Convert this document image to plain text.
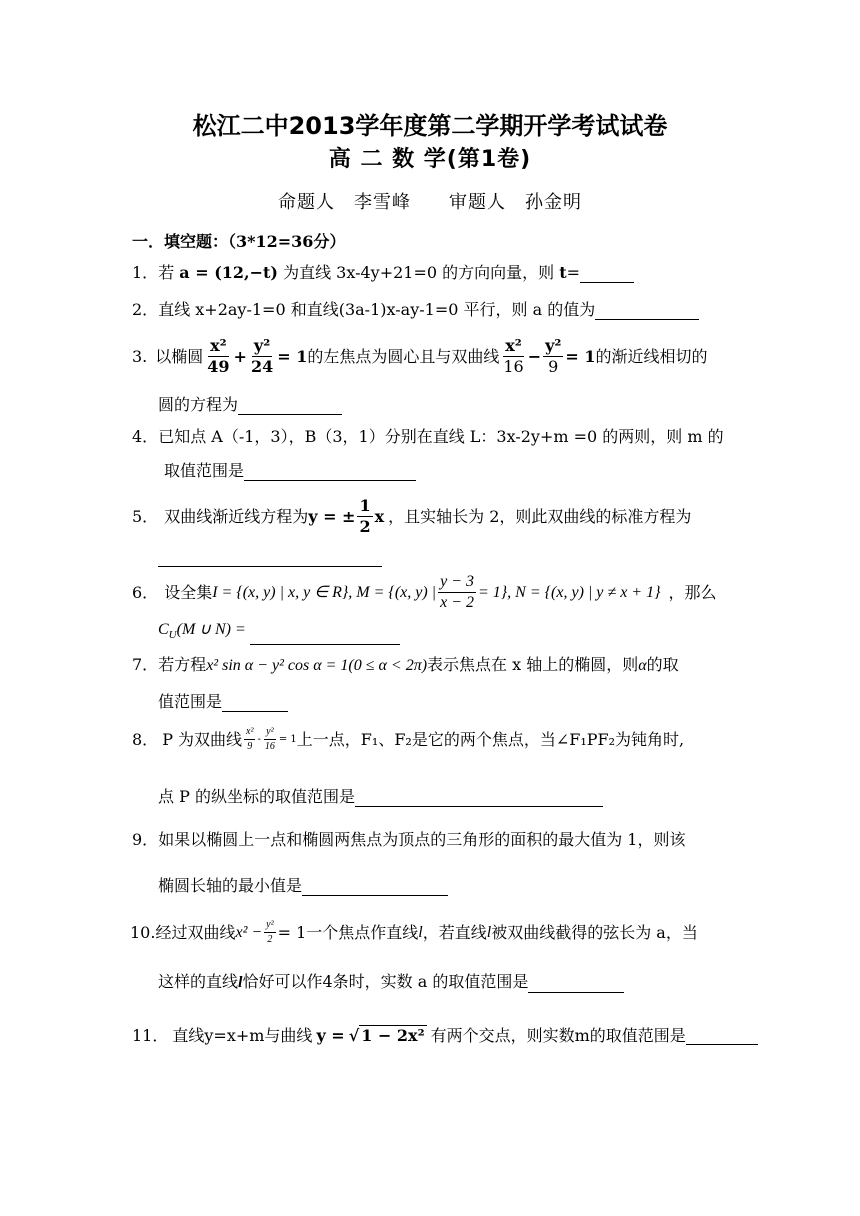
松江二中2013学年度第二学期开学考试试卷
高 二 数 学(第1卷)
命题人　李雪峰　　审题人　孙金明
一．填空题：（3*12=36分）
1．若 a = (12,−t) 为直线 3x-4y+21=0 的方向向量，则 t=
2．直线 x+2ay-1=0 和直线(3a-1)x-ay-1=0 平行，则 a 的值为
3. 以椭圆 $\frac{\text{x²}}{49} + \frac{\text{y²}}{24} = 1$ 的左焦点为圆心且与双曲线 $\frac{\text{x²}}{16} - \frac{\text{y²}}{9} = 1$ 的渐近线相切的
圆的方程为
4．已知点 A（-1，3），B（3，1）分别在直线 L：3x-2y+m =0 的两则，则 m 的
取值范围是
5． 双曲线渐近线方程为 y = ± $\frac{1}{2}$ x ，且实轴长为 2，则此双曲线的标准方程为
6． 设全集 I = {(x, y) | x, y ∈ R}, M = {(x, y) | $\frac{y - 3}{x - 2} = 1$}, N = {(x, y) | y ≠ x + 1} ，那么
$C_U(M$ ∪ N) =
7．若方程x² sin α − y² cos α = 1(0 ≤ α < 2π)表示焦点在 x 轴上的椭圆，则α的取
值范围是
8． P 为双曲线 $\frac{\text{x²}}{9} - \frac{\text{y²}}{16} = 1$ 上一点，F₁、F₂是它的两个焦点，当 ∠F₁PF₂ 为钝角时,
点 P 的纵坐标的取值范围是
9．如果以椭圆上一点和椭圆两焦点为顶点的三角形的面积的最大值为 1，则该
椭圆长轴的最小值是
10. 经过双曲线 $x^2 - \frac{\text{y²}}{2} = 1$ 一个焦点作直线 l ，若直线 l 被双曲线截得的弦长为 a，当
这样的直线l恰好可以作4条时，实数 a 的取值范围是
11． 直线y=x+m与曲线 y = √ 1 − 2x² 有两个交点，则实数m的取值范围是
